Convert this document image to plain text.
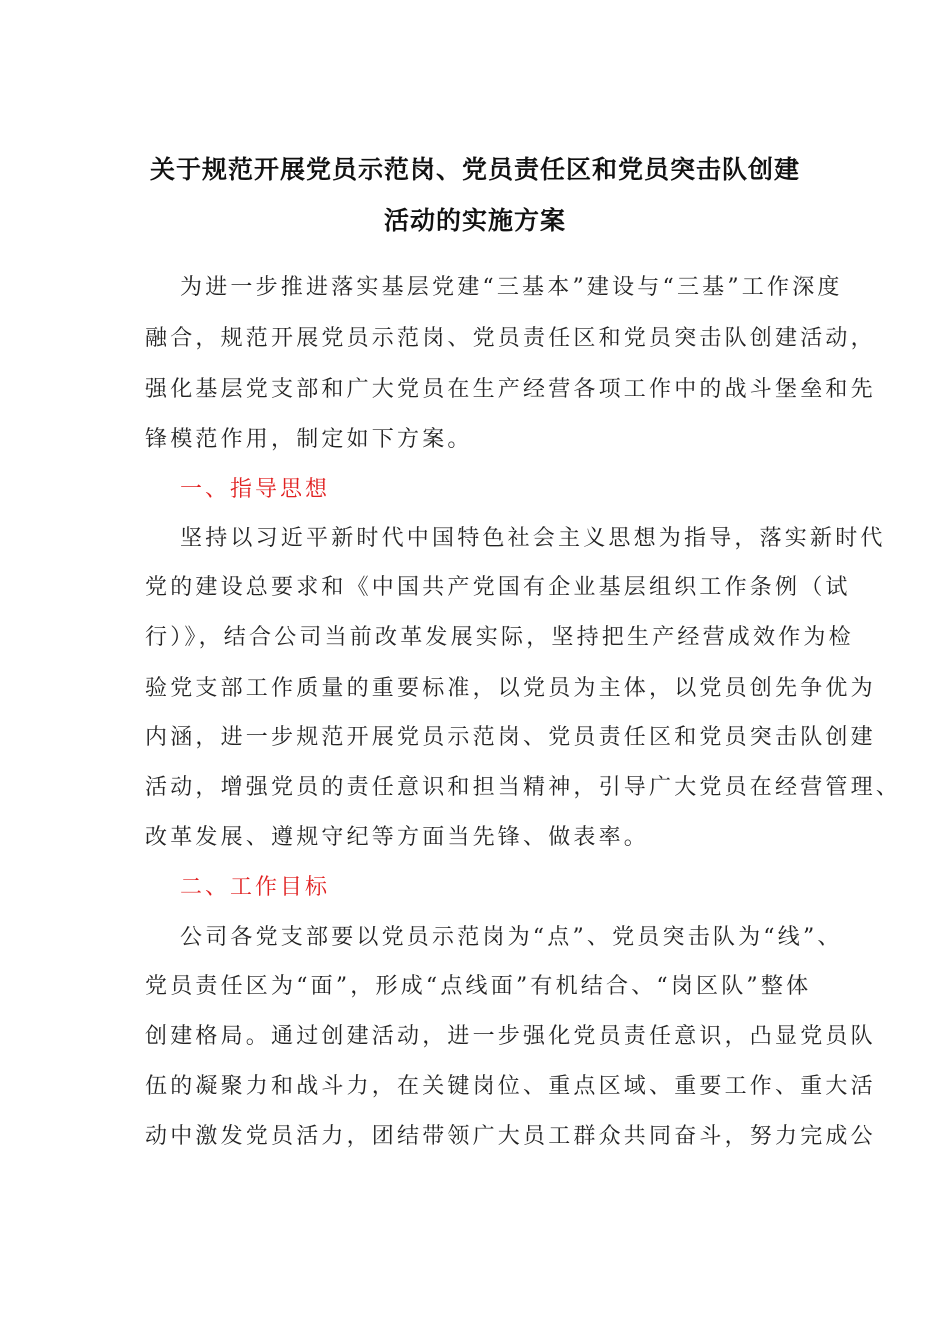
关于规范开展党员示范岗、党员责任区和党员突击队创建
活动的实施方案
为进一步推进落实基层党建“三基本”建设与“三基”工作深度
融合，规范开展党员示范岗、党员责任区和党员突击队创建活动，
强化基层党支部和广大党员在生产经营各项工作中的战斗堡垒和先
锋模范作用，制定如下方案。
一、指导思想
坚持以习近平新时代中国特色社会主义思想为指导，落实新时代
党的建设总要求和《中国共产党国有企业基层组织工作条例（试
行）》，结合公司当前改革发展实际，坚持把生产经营成效作为检
验党支部工作质量的重要标准，以党员为主体，以党员创先争优为
内涵，进一步规范开展党员示范岗、党员责任区和党员突击队创建
活动，增强党员的责任意识和担当精神，引导广大党员在经营管理、
改革发展、遵规守纪等方面当先锋、做表率。
二、工作目标
公司各党支部要以党员示范岗为“点”、党员突击队为“线”、
党员责任区为“面”，形成“点线面”有机结合、“岗区队”整体
创建格局。通过创建活动，进一步强化党员责任意识，凸显党员队
伍的凝聚力和战斗力，在关键岗位、重点区域、重要工作、重大活
动中激发党员活力，团结带领广大员工群众共同奋斗，努力完成公
